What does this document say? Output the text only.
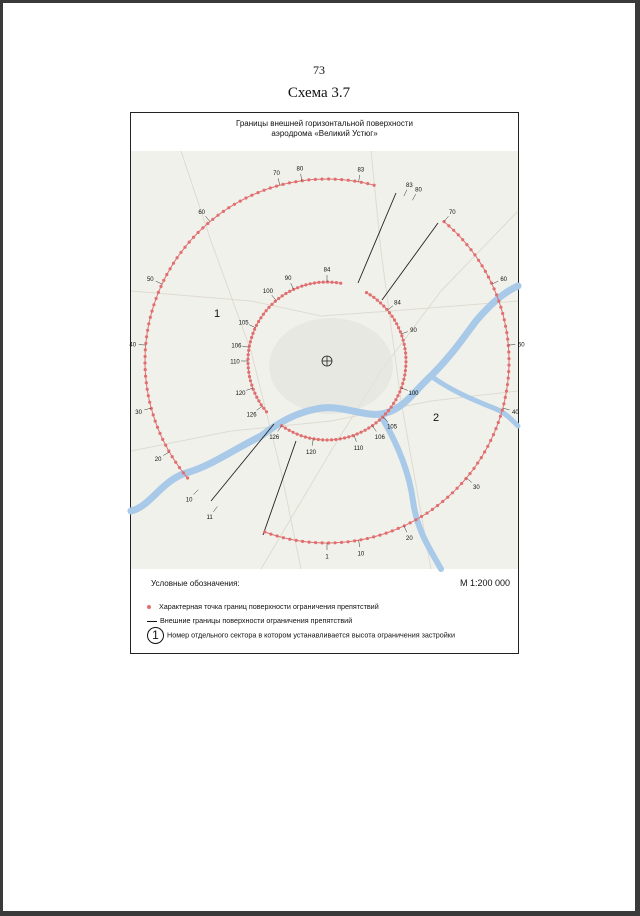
73
Схема 3.7
Границы внешней горизонтальной поверхности
аэродрома «Великий Устюг»
10
11
20
30
40
50
60
70
80	83
83
80
70
60
50
40
30
20
10
1
84
90
100
105
106
110
120
126
126
120
110
106
105
100
90
84
1
2
Условные обозначения:	М 1:200 000
Характерная точка границ поверхности ограничения препятствий
Внешние границы поверхности ограничения препятствий
1 Номер отдельного сектора в котором устанавливается высота ограничения застройки
